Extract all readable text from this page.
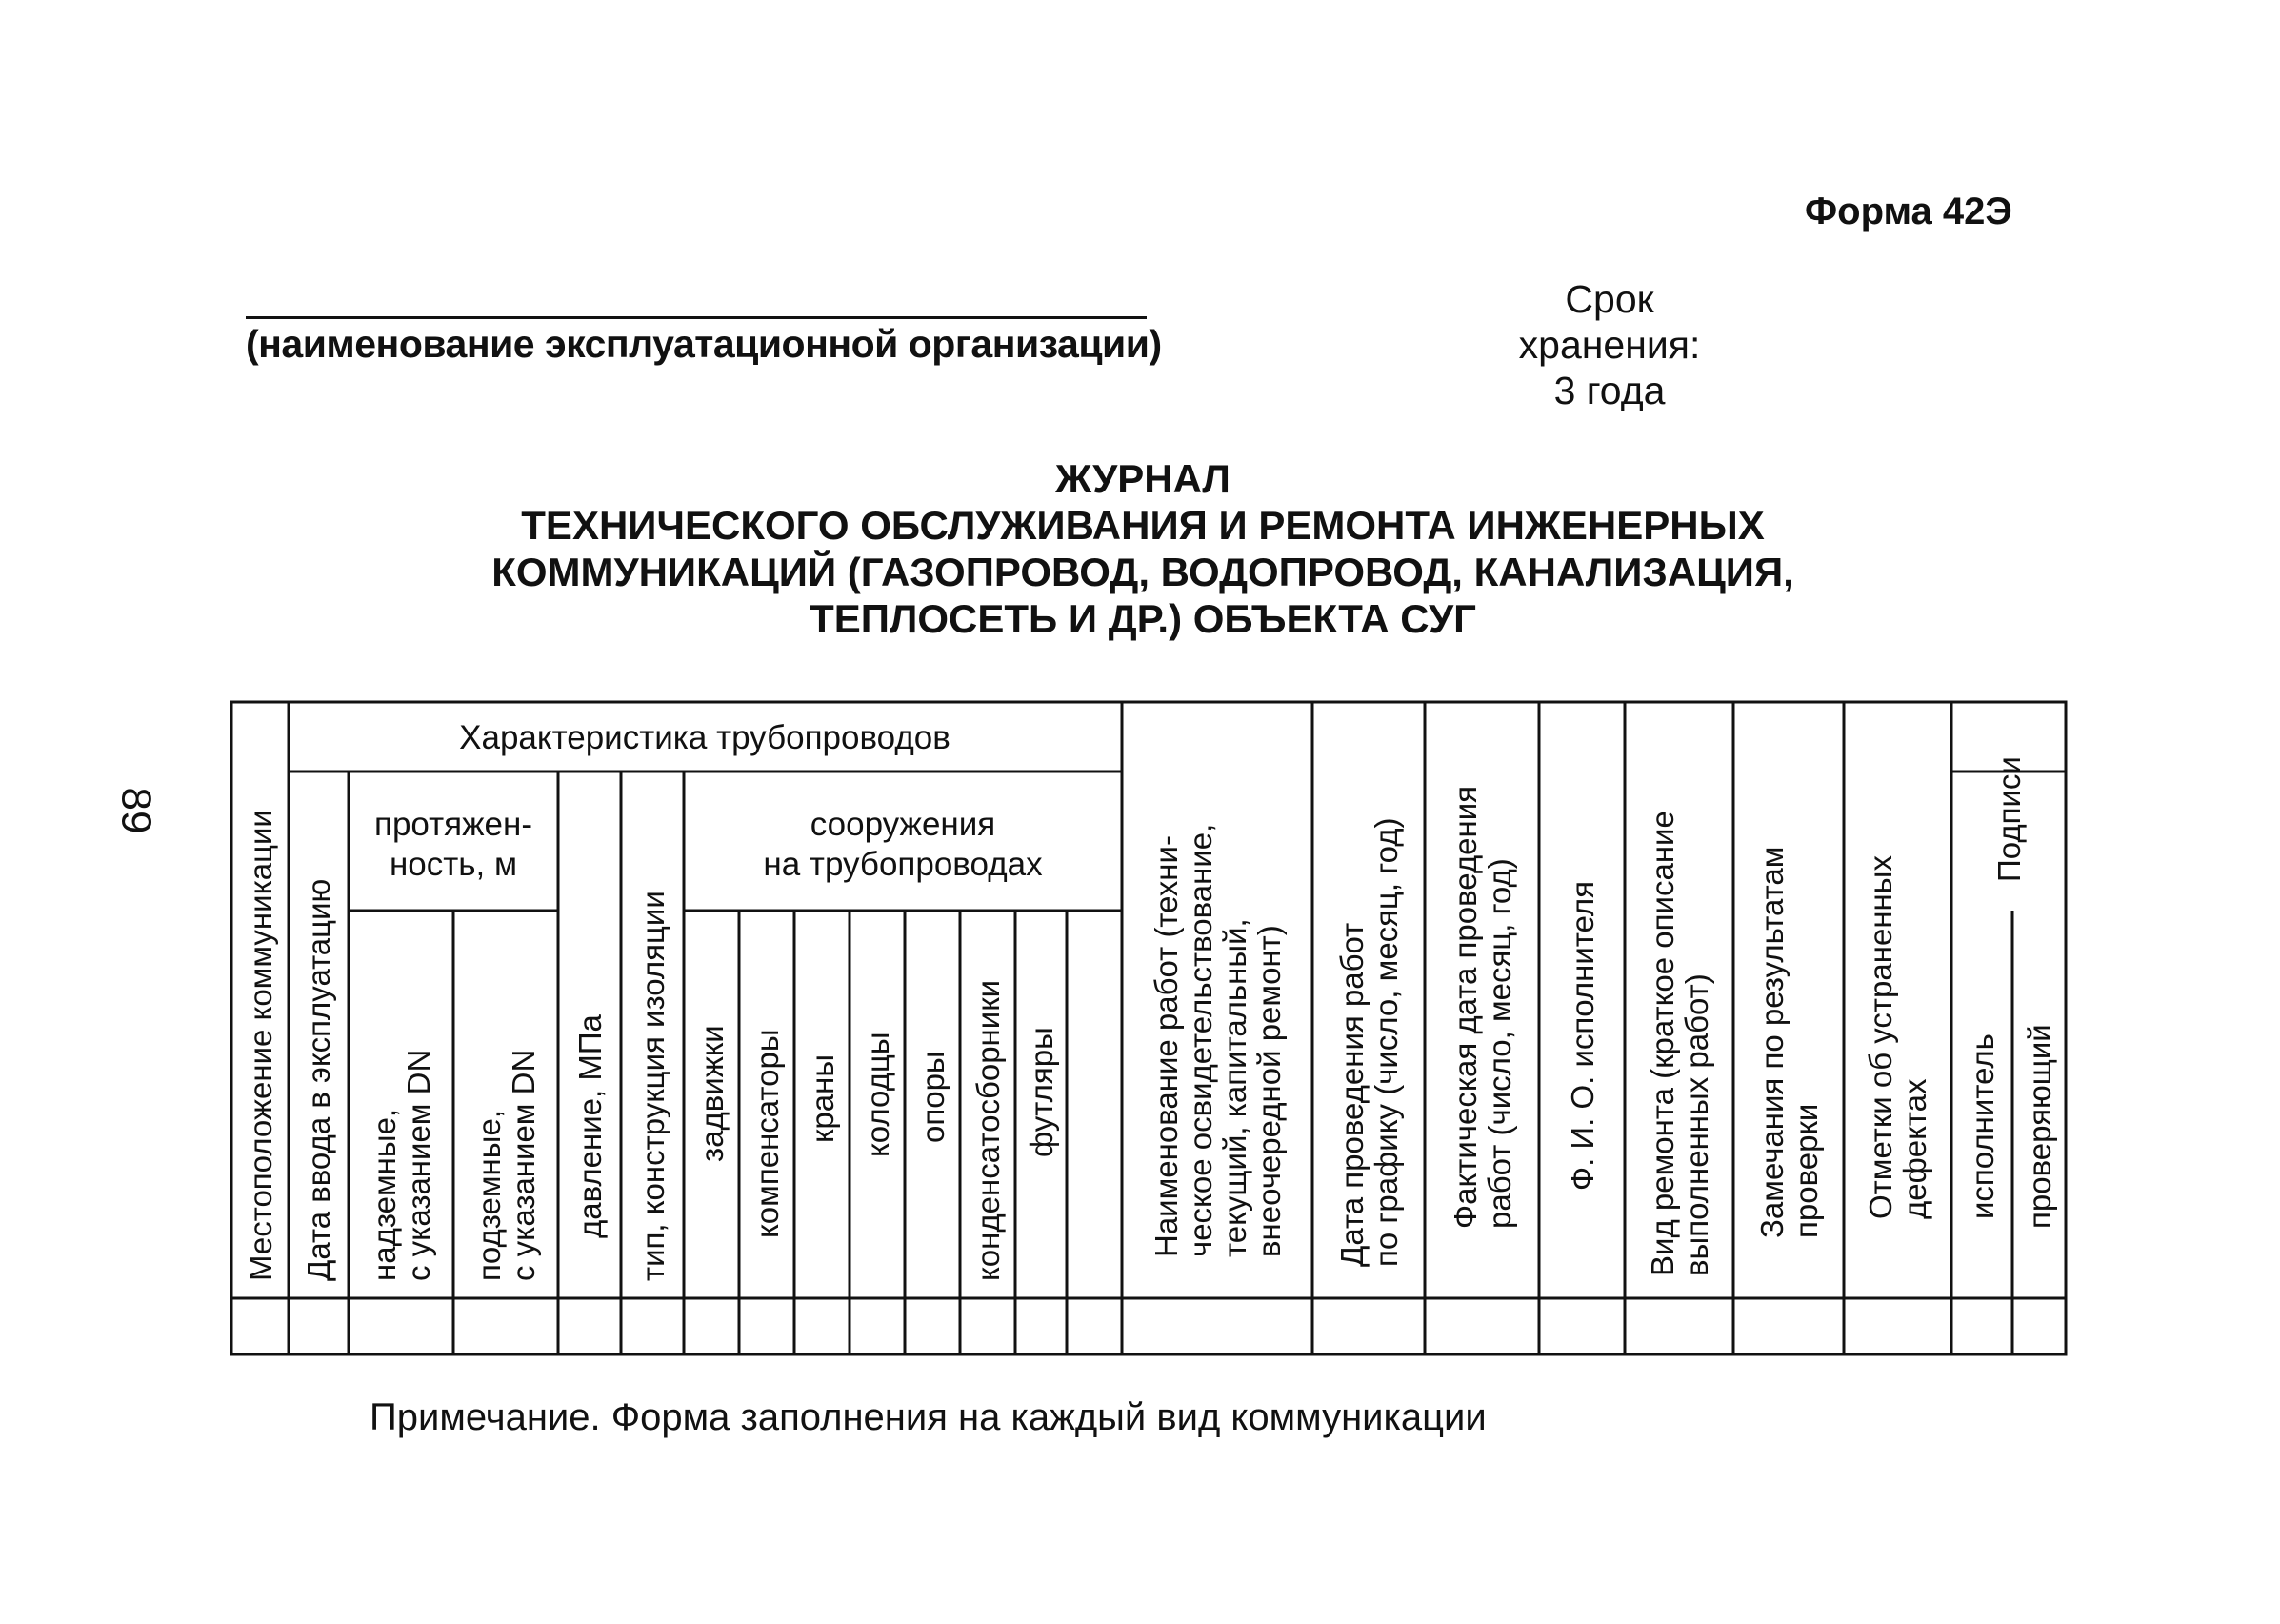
Форма 42Э
(наименование эксплуатационной организации)
Срок
хранения:
3 года
ЖУРНАЛ
ТЕХНИЧЕСКОГО ОБСЛУЖИВАНИЯ И РЕМОНТА ИНЖЕНЕРНЫХ
КОММУНИКАЦИЙ (ГАЗОПРОВОД, ВОДОПРОВОД, КАНАЛИЗАЦИЯ,
ТЕПЛОСЕТЬ И ДР.) ОБЪЕКТА СУГ
89
Характеристика трубопроводов
протяжен-
ность, м
сооружения
на трубопроводах
Местоположение коммуникации Дата ввода в эксплуатацию надземные, с указанием DN подземные, с указанием DN давление, МПа тип, конструкция изоляции задвижки компенсаторы краны колодцы опоры конденсатосборники футляры	Наименование работ (техни- ческое освидетельствование, текущий, капитальный, внеочередной ремонт) Дата проведения работ по графику (число, месяц, год) Фактическая дата проведения работ (число, месяц, год) Ф. И. О. исполнителя Вид ремонта (краткое описание выполненных работ) Замечания по результатам проверки Отметки об устраненных дефектах исполнитель проверяющий
Подписи
Примечание. Форма заполнения на каждый вид коммуникации
